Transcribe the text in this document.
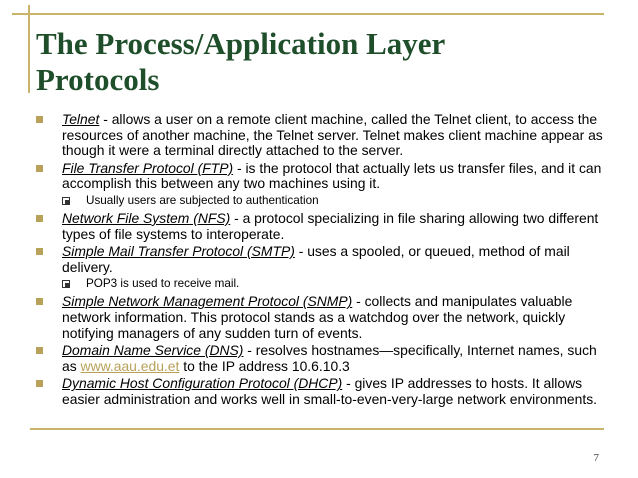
The Process/Application Layer
Protocols
Telnet - allows a user on a remote client machine, called the Telnet client, to access the resources of another machine, the Telnet server. Telnet makes client machine appear as though it were a terminal directly attached to the server.
File Transfer Protocol (FTP) - is the protocol that actually lets us transfer files, and it can accomplish this between any two machines using it.
Usually users are subjected to authentication
Network File System (NFS) - a protocol specializing in file sharing allowing two different types of file systems to interoperate.
Simple Mail Transfer Protocol (SMTP) - uses a spooled, or queued, method of mail delivery.
POP3 is used to receive mail.
Simple Network Management Protocol (SNMP) - collects and manipulates valuable network information. This protocol stands as a watchdog over the network, quickly notifying managers of any sudden turn of events.
Domain Name Service (DNS) - resolves hostnames—specifically, Internet names, such as www.aau.edu.et to the IP address 10.6.10.3
Dynamic Host Configuration Protocol (DHCP) - gives IP addresses to hosts. It allows easier administration and works well in small-to-even-very-large network environments.
7
